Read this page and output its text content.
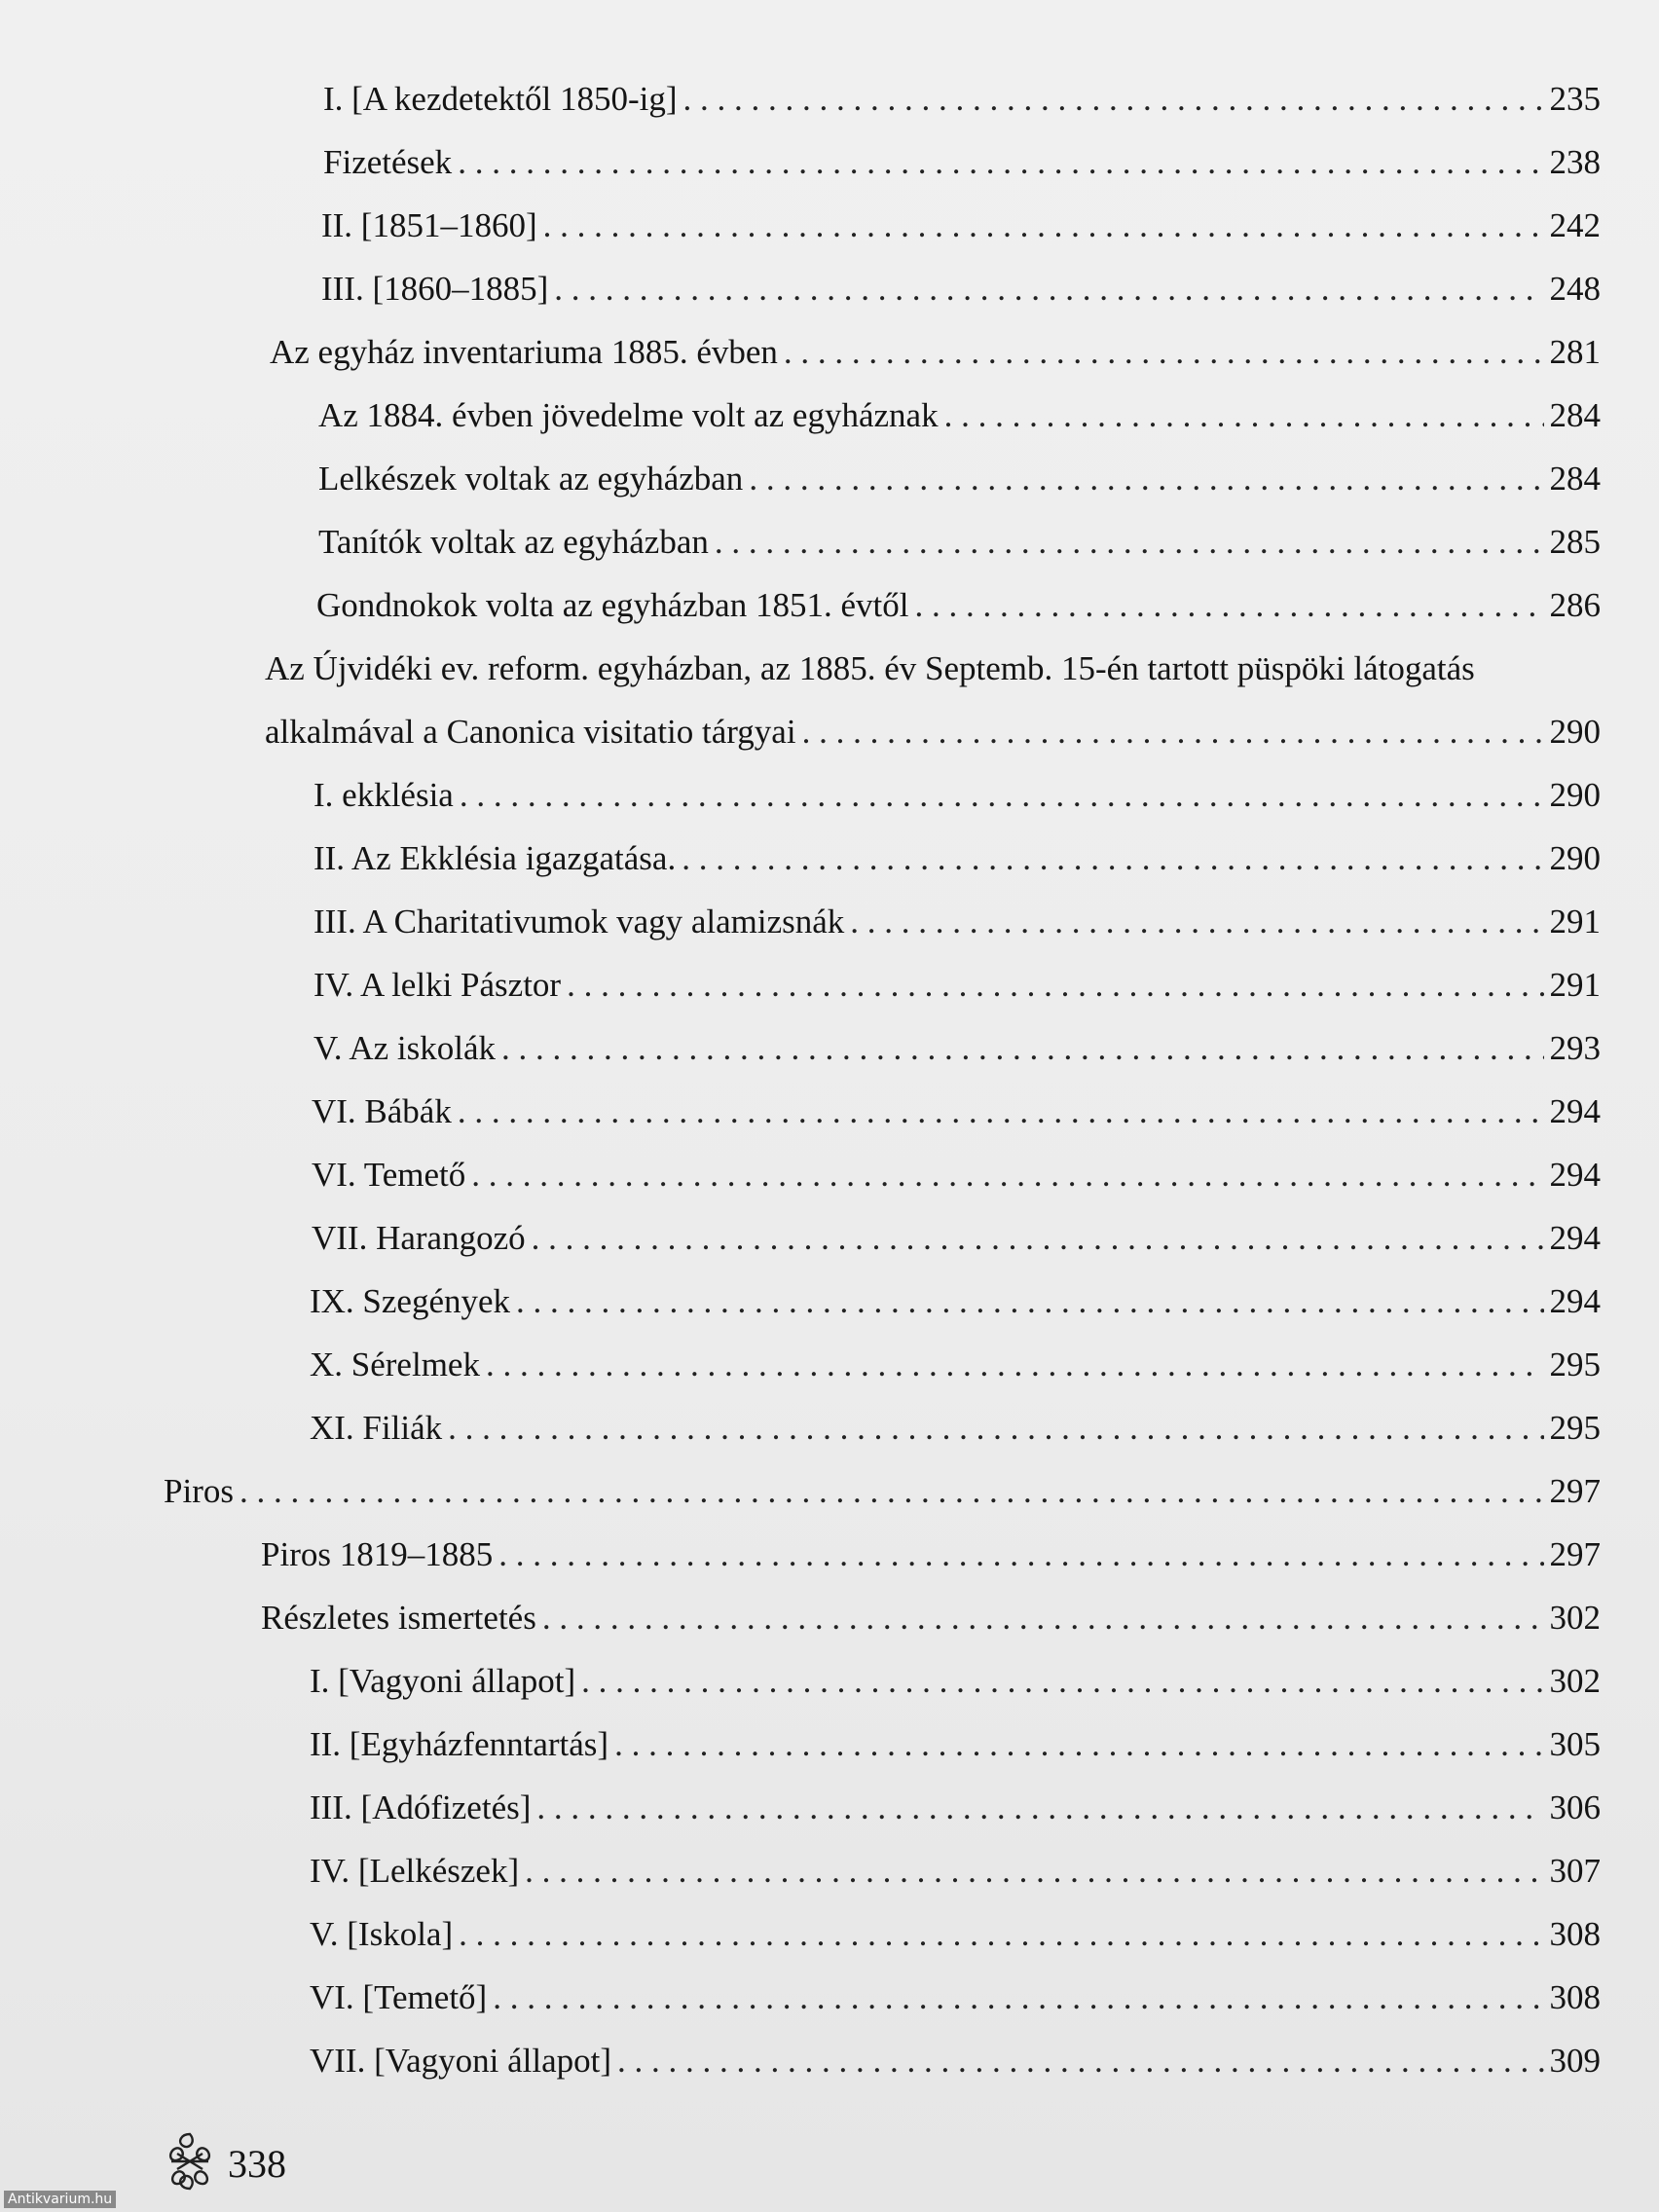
I. [A kezdetektől 1850-ig] . . .	235
Fizetések . . .	238
II. [1851–1860] . . .	242
III. [1860–1885] . . .	248
Az egyház inventariuma 1885. évben . . .	281
Az 1884. évben jövedelme volt az egyháznak . . .	284
Lelkészek voltak az egyházban . . .	284
Tanítók voltak az egyházban . . .	285
Gondnokok volta az egyházban 1851. évtől . . .	286
Az Újvidéki ev. reform. egyházban, az 1885. év Septemb. 15-én tartott püspöki látogatás
alkalmával a Canonica visitatio tárgyai . . .	290
I. ekklésia . . .	290
II. Az Ekklésia igazgatása. . . .	290
III. A Charitativumok vagy alamizsnák . . .	291
IV. A lelki Pásztor . . .	291
V. Az iskolák . . .	293
VI. Bábák . . .	294
VI. Temető . . .	294
VII. Harangozó . . .	294
IX. Szegények . . .	294
X. Sérelmek . . .	295
XI. Filiák . . .	295
Piros . . .	297
Piros 1819–1885 . . .	297
Részletes ismertetés . . .	302
I. [Vagyoni állapot] . . .	302
II. [Egyházfenntartás] . . .	305
III. [Adófizetés] . . .	306
IV. [Lelkészek] . . .	307
V. [Iskola] . . .	308
VI. [Temető] . . .	308
VII. [Vagyoni állapot] . . .	309
338
Antikvarium.hu
